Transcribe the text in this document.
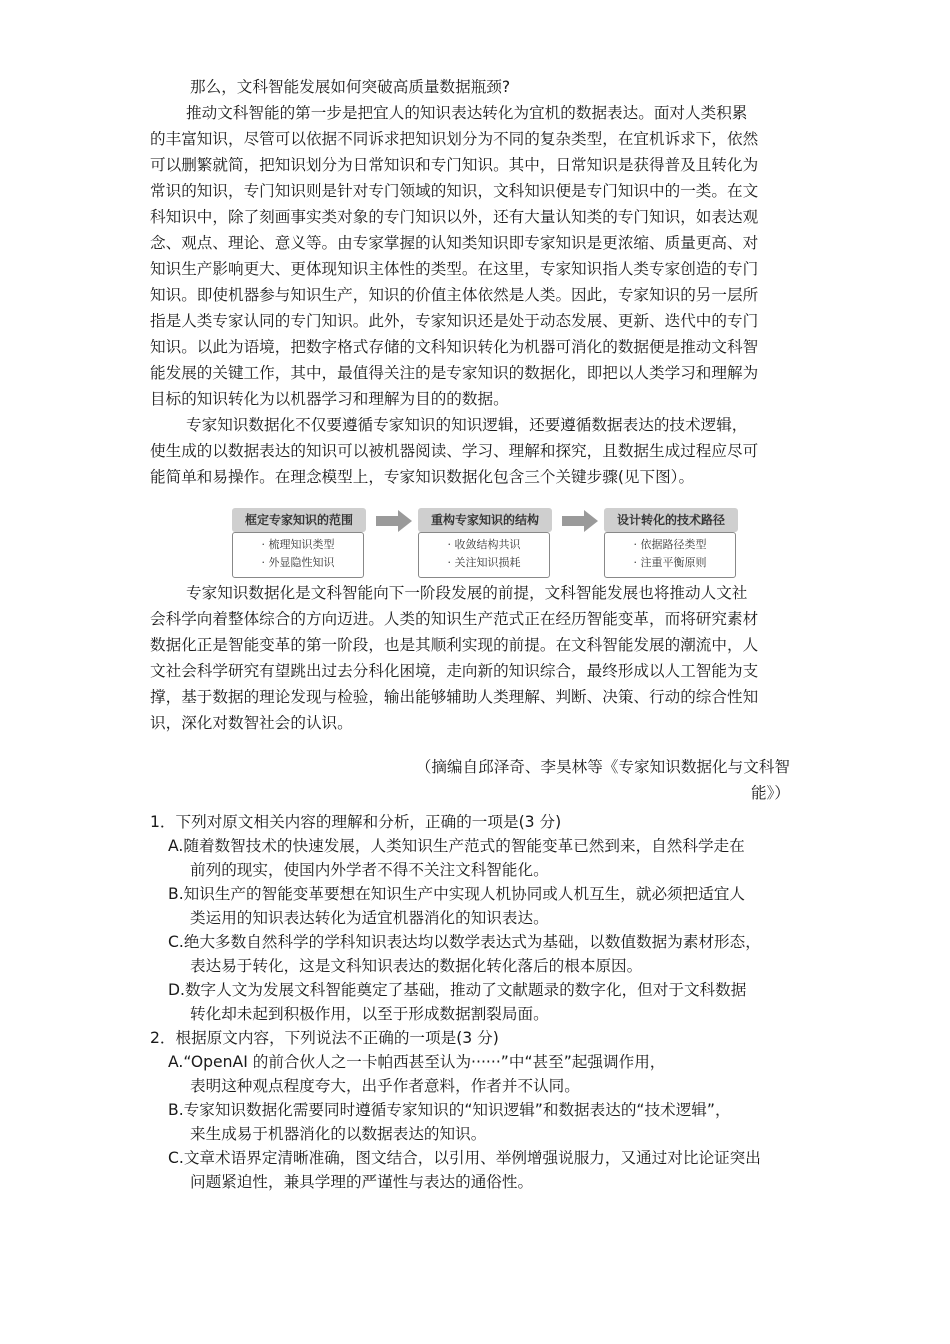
那么，文科智能发展如何突破高质量数据瓶颈?
推动文科智能的第一步是把宜人的知识表达转化为宜机的数据表达。面对人类积累
的丰富知识，尽管可以依据不同诉求把知识划分为不同的复杂类型，在宜机诉求下，依然
可以删繁就简，把知识划分为日常知识和专门知识。其中，日常知识是获得普及且转化为
常识的知识，专门知识则是针对专门领域的知识，文科知识便是专门知识中的一类。在文
科知识中，除了刻画事实类对象的专门知识以外，还有大量认知类的专门知识，如表达观
念、观点、理论、意义等。由专家掌握的认知类知识即专家知识是更浓缩、质量更高、对
知识生产影响更大、更体现知识主体性的类型。在这里，专家知识指人类专家创造的专门
知识。即使机器参与知识生产，知识的价值主体依然是人类。因此，专家知识的另一层所
指是人类专家认同的专门知识。此外，专家知识还是处于动态发展、更新、迭代中的专门
知识。以此为语境，把数字格式存储的文科知识转化为机器可消化的数据便是推动文科智
能发展的关键工作，其中，最值得关注的是专家知识的数据化，即把以人类学习和理解为
目标的知识转化为以机器学习和理解为目的的数据。
专家知识数据化不仅要遵循专家知识的知识逻辑，还要遵循数据表达的技术逻辑，
使生成的以数据表达的知识可以被机器阅读、学习、理解和探究，且数据生成过程应尽可
能简单和易操作。在理念模型上，专家知识数据化包含三个关键步骤(见下图）。
框定专家知识的范围
· 梳理知识类型
· 外显隐性知识
重构专家知识的结构
· 收敛结构共识
· 关注知识损耗
设计转化的技术路径
· 依据路径类型
· 注重平衡原则
专家知识数据化是文科智能向下一阶段发展的前提，文科智能发展也将推动人文社
会科学向着整体综合的方向迈进。人类的知识生产范式正在经历智能变革，而将研究素材
数据化正是智能变革的第一阶段，也是其顺利实现的前提。在文科智能发展的潮流中，人
文社会科学研究有望跳出过去分科化困境，走向新的知识综合，最终形成以人工智能为支
撑，基于数据的理论发现与检验，输出能够辅助人类理解、判断、决策、行动的综合性知
识，深化对数智社会的认识。
（摘编自邱泽奇、李昊林等《专家知识数据化与文科智
能》）
1．下列对原文相关内容的理解和分析，正确的一项是(3 分)
A.随着数智技术的快速发展，人类知识生产范式的智能变革已然到来，自然科学走在
前列的现实，使国内外学者不得不关注文科智能化。
B.知识生产的智能变革要想在知识生产中实现人机协同或人机互生，就必须把适宜人
类运用的知识表达转化为适宜机器消化的知识表达。
C.绝大多数自然科学的学科知识表达均以数学表达式为基础，以数值数据为素材形态，
表达易于转化，这是文科知识表达的数据化转化落后的根本原因。
D.数字人文为发展文科智能奠定了基础，推动了文献题录的数字化，但对于文科数据
转化却未起到积极作用，以至于形成数据割裂局面。
2．根据原文内容，下列说法不正确的一项是(3 分)
A.“OpenAI 的前合伙人之一卡帕西甚至认为······”中“甚至”起强调作用，
表明这种观点程度夸大，出乎作者意料，作者并不认同。
B.专家知识数据化需要同时遵循专家知识的“知识逻辑”和数据表达的“技术逻辑”，
来生成易于机器消化的以数据表达的知识。
C.文章术语界定清晰准确，图文结合，以引用、举例增强说服力，又通过对比论证突出
问题紧迫性，兼具学理的严谨性与表达的通俗性。
